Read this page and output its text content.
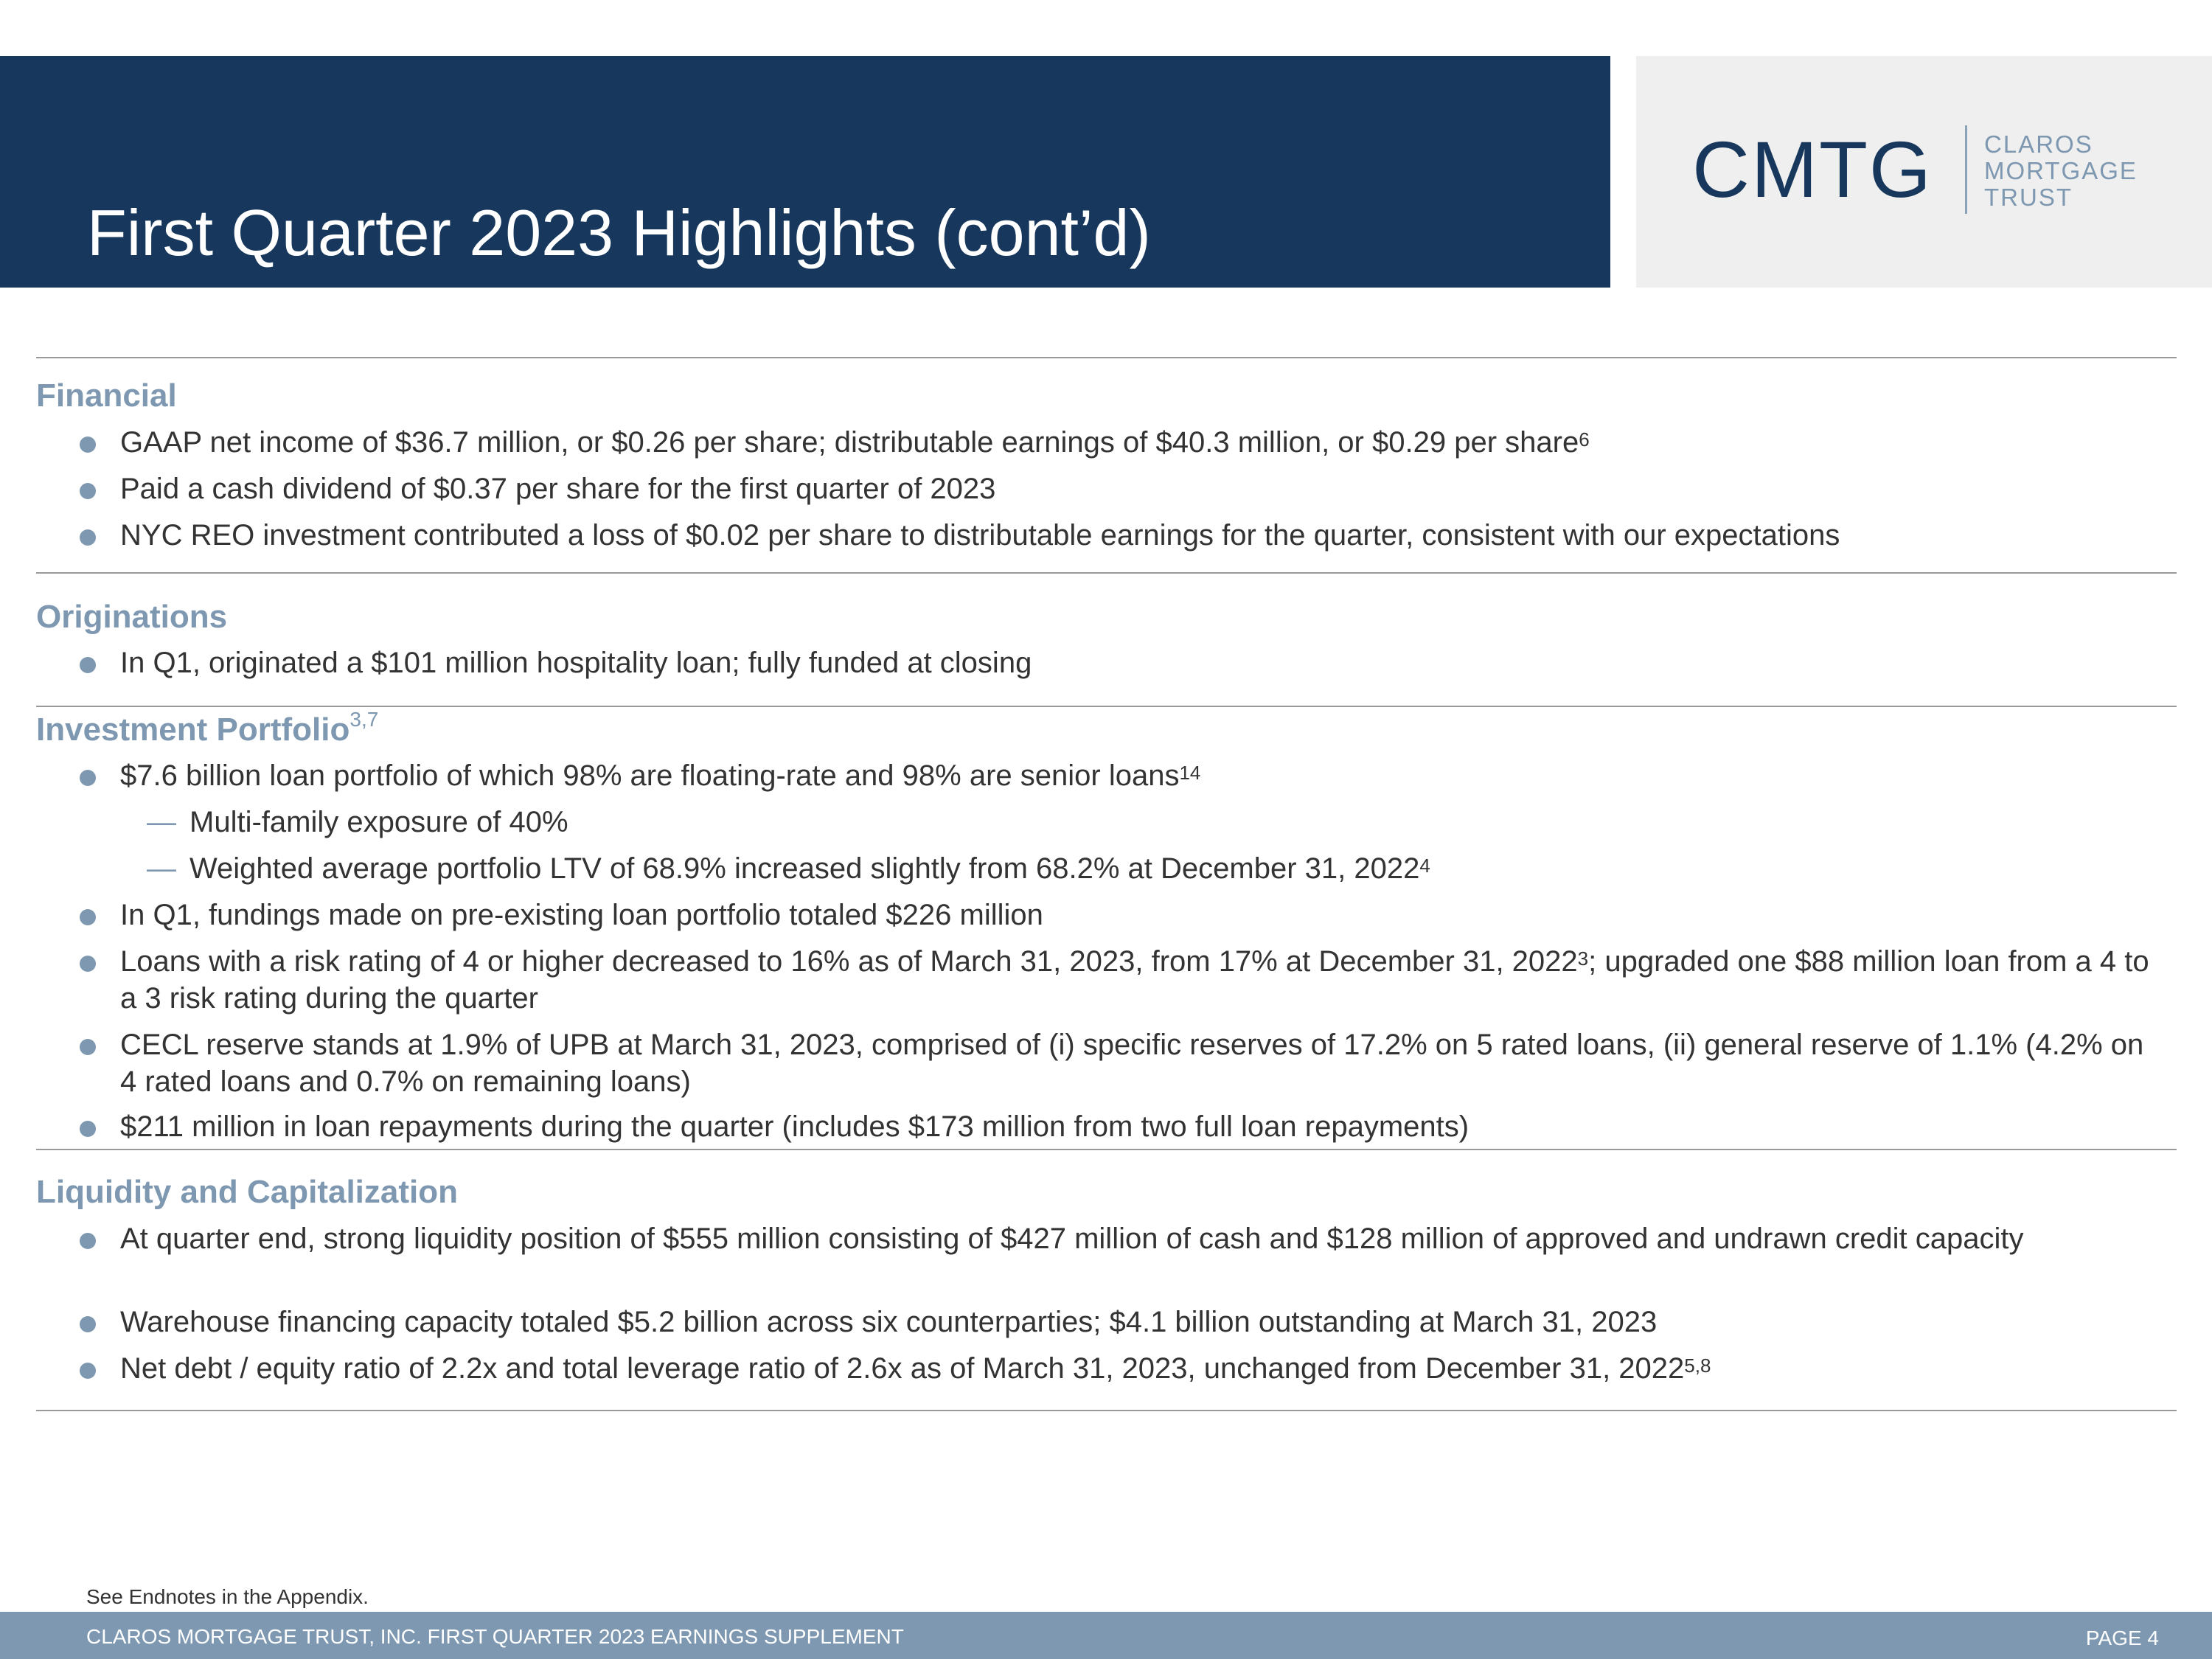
First Quarter 2023 Highlights (cont’d)
CMTG CLAROS
MORTGAGE
TRUST
Financial
GAAP net income of $36.7 million, or $0.26 per share; distributable earnings of $40.3 million, or $0.29 per share$^6$
Paid a cash dividend of $0.37 per share for the first quarter of 2023
NYC REO investment contributed a loss of $0.02 per share to distributable earnings for the quarter, consistent with our expectations
Originations
In Q1, originated a $101 million hospitality loan; fully funded at closing
Investment Portfolio$^{3,7}$
$7.6 billion loan portfolio of which 98% are floating-rate and 98% are senior loans$^{14}$
— Multi-family exposure of 40%
— Weighted average portfolio LTV of 68.9% increased slightly from 68.2% at December 31, 2022$^4$
In Q1, fundings made on pre-existing loan portfolio totaled $226 million
Loans with a risk rating of 4 or higher decreased to 16% as of March 31, 2023, from 17% at December 31, 2022$^3$; upgraded one $88 million loan from a 4 to a 3 risk rating during the quarter
CECL reserve stands at 1.9% of UPB at March 31, 2023, comprised of (i) specific reserves of 17.2% on 5 rated loans, (ii) general reserve of 1.1% (4.2% on 4 rated loans and 0.7% on remaining loans)
$211 million in loan repayments during the quarter (includes $173 million from two full loan repayments)
Liquidity and Capitalization
At quarter end, strong liquidity position of $555 million consisting of $427 million of cash and $128 million of approved and undrawn credit capacity
Warehouse financing capacity totaled $5.2 billion across six counterparties; $4.1 billion outstanding at March 31, 2023
Net debt / equity ratio of 2.2x and total leverage ratio of 2.6x as of March 31, 2023, unchanged from December 31, 2022$^{5,8}$
See Endnotes in the Appendix.
CLAROS MORTGAGE TRUST, INC. FIRST QUARTER 2023 EARNINGS SUPPLEMENT	PAGE 4
